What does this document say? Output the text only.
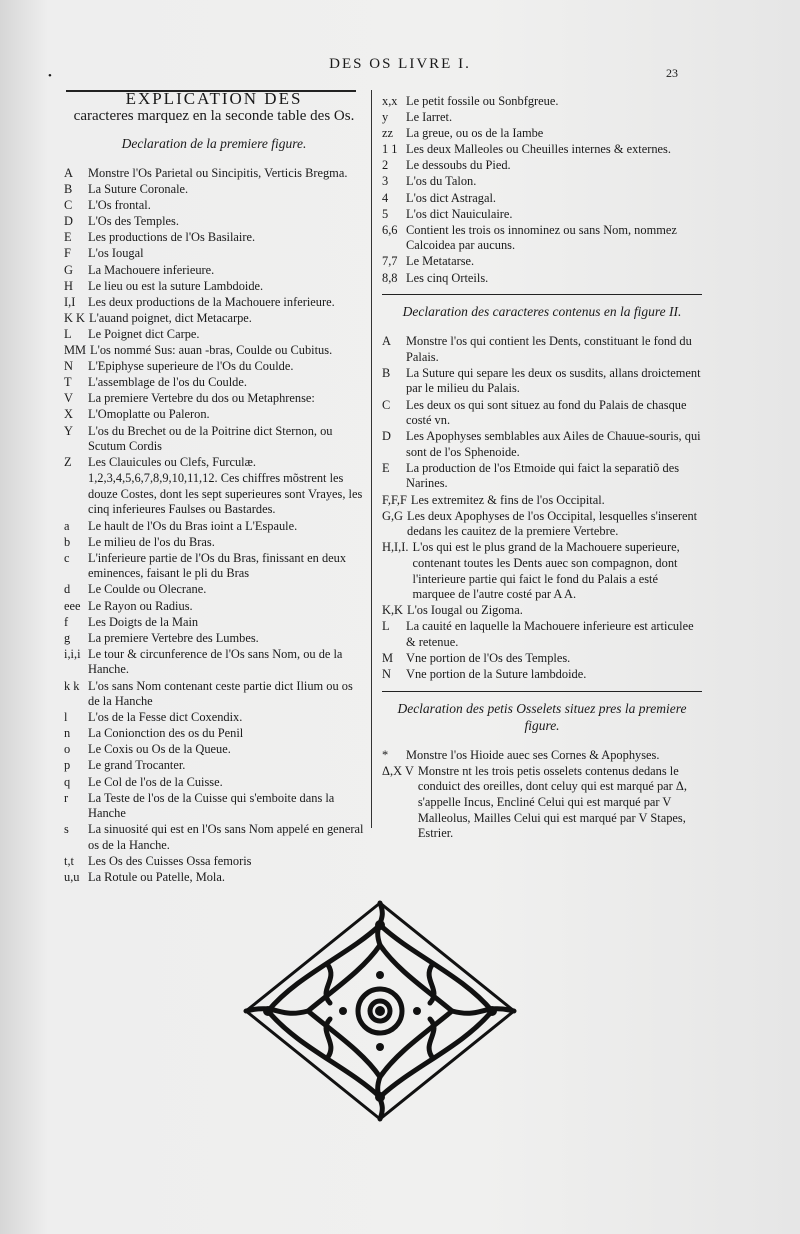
•
DES OS LIVRE I.
23
EXPLICATION DES
caracteres marquez en la seconde table des Os.
Declaration de la premiere figure.
A	Monstre l'Os Parietal ou Sincipitis, Verticis Bregma.
B	La Suture Coronale.
C	L'Os frontal.
D	L'Os des Temples.
E	Les productions de l'Os Basilaire.
F	L'os Iougal
G	La Machouere inferieure.
H	Le lieu ou est la suture Lambdoide.
I,I	Les deux productions de la Machouere inferieure.
K K L'auand poignet, dict Metacarpe.
L	Le Poignet dict Carpe.
MM L'os nommé Sus: auan -bras, Coulde ou Cubitus.
N	L'Epiphyse superieure de l'Os du Coulde.
T	L'assemblage de l'os du Coulde.
V	La premiere Vertebre du dos ou Metaphrense:
X	L'Omoplatte ou Paleron.
Y	L'os du Brechet ou de la Poitrine dict Sternon, ou Scutum Cordis
Z	Les Clauicules ou Clefs, Furculæ.
1,2,3,4,5,6,7,8,9,10,11,12. Ces chiffres mõstrent les douze Costes, dont les sept superieures sont Vrayes, les cinq inferieures Faulses ou Bastardes.
a	Le hault de l'Os du Bras ioint a L'Espaule.
b	Le milieu de l'os du Bras.
c	L'inferieure partie de l'Os du Bras, finissant en deux eminences, faisant le pli du Bras
d	Le Coulde ou Olecrane.
eee Le Rayon ou Radius.
f	Les Doigts de la Main
g	La premiere Vertebre des Lumbes.
i,i,i Le tour & circunference de l'Os sans Nom, ou de la Hanche.
k k L'os sans Nom contenant ceste partie dict Ilium ou os de la Hanche
l	L'os de la Fesse dict Coxendix.
n	La Conionction des os du Penil
o	Le Coxis ou Os de la Queue.
p	Le grand Trocanter.
q	Le Col de l'os de la Cuisse.
r	La Teste de l'os de la Cuisse qui s'emboite dans la Hanche
s	La sinuosité qui est en l'Os sans Nom appelé en general os de la Hanche.
t,t	Les Os des Cuisses Ossa femoris
u,u La Rotule ou Patelle, Mola.
x,x Le petit fossile ou Sonbfgreue.
y	Le Iarret.
zz	La greue, ou os de la Iambe
1 1 Les deux Malleoles ou Cheuilles internes & externes.
2	Le dessoubs du Pied.
3	L'os du Talon.
4	L'os dict Astragal.
5	L'os dict Nauiculaire.
6,6 Contient les trois os innominez ou sans Nom, nommez Calcoidea par aucuns.
7,7 Le Metatarse.
8,8 Les cinq Orteils.
Declaration des caracteres contenus en la figure II.
A	Monstre l'os qui contient les Dents, constituant le fond du Palais.
B	La Suture qui separe les deux os susdits, allans droictement par le milieu du Palais.
C	Les deux os qui sont situez au fond du Palais de chasque costé vn.
D	Les Apophyses semblables aux Ailes de Chauue-souris, qui sont de l'os Sphenoide.
E	La production de l'os Etmoide qui faict la separatiõ des Narines.
F,F,F Les extremitez & fins de l'os Occipital.
G,G Les deux Apophyses de l'os Occipital, lesquelles s'inserent dedans les cauitez de la premiere Vertebre.
H,I,I. L'os qui est le plus grand de la Machouere superieure, contenant toutes les Dents auec son compagnon, dont l'interieure partie qui faict le fond du Palais a esté marquee de l'autre costé par A A.
K,K L'os Iougal ou Zigoma.
L	La cauité en laquelle la Machouere inferieure est articulee & retenue.
M	Vne portion de l'Os des Temples.
N	Vne portion de la Suture lambdoide.
Declaration des petis Osselets situez pres la premiere figure.
*	Monstre l'os Hioide auec ses Cornes & Apophyses.
Δ,X V Monstre nt les trois petis osselets contenus dedans le conduict des oreilles, dont celuy qui est marqué par Δ, s'appelle Incus, Encliné Celui qui est marqué par V Malleolus, Mailles Celui qui est marqué par V Stapes, Estrier.
